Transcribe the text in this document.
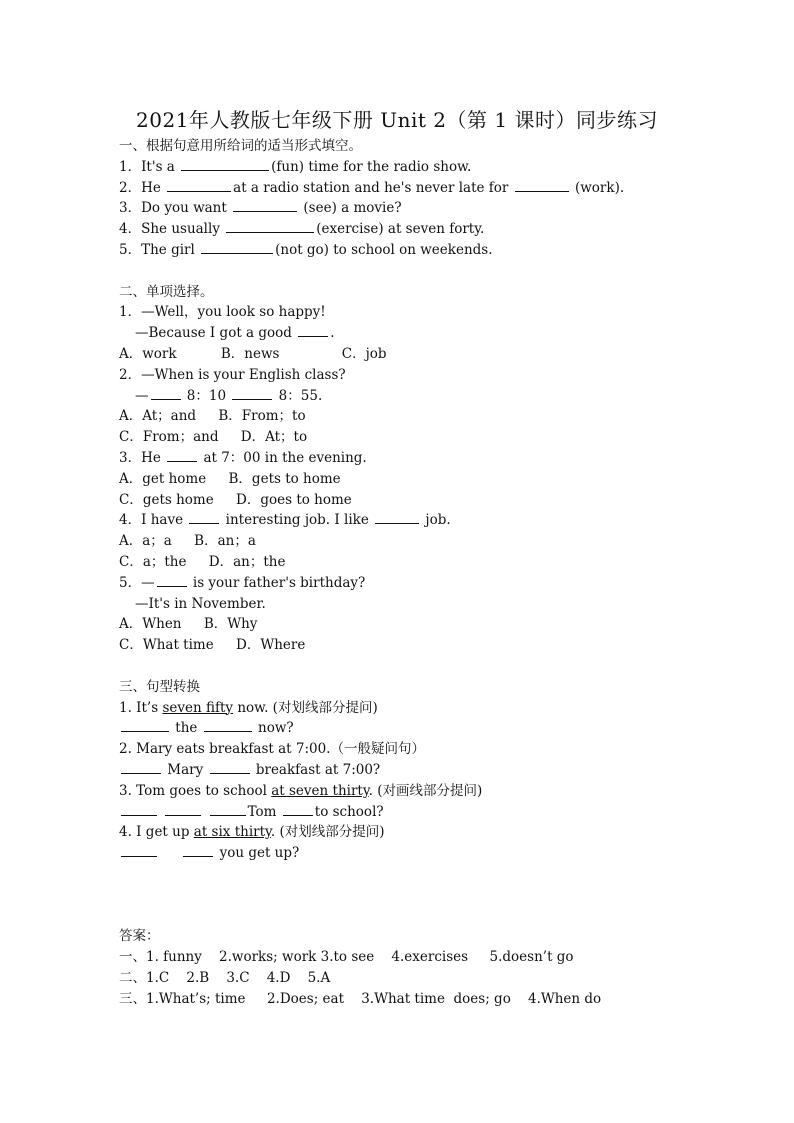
2021年人教版七年级下册 Unit 2（第 1 课时）同步练习
一、根据句意用所给词的适当形式填空。
1．It's a	(fun) time for the radio show.
2．He	at a radio station and he's never late for	(work).
3．Do you want	(see) a movie?
4．She usually	(exercise) at seven forty.
5．The girl	(not go) to school on weekends.
二、单项选择。
1．—Well，you look so happy!
—Because I got a good	.
A．work	B．news	C．job
2．—When is your English class?
—	8：10	8：55.
A．At；and B．From；to
C．From；and D．At；to
3．He	at 7：00 in the evening.
A．get home B．gets to home
C．gets home D．goes to home
4．I have	interesting job. I like	job.
A．a；a B．an；a
C．a；the D．an；the
5．—	is your father's birthday?
—It's in November.
A．When B．Why
C．What time D．Where
三、句型转换
1. It’s seven fifty now. (对划线部分提问)
the	now?
2. Mary eats breakfast at 7:00.（一般疑问句）
Mary	breakfast at 7:00?
3. Tom goes to school at seven thirty. (对画线部分提问)
Tom	to school?
4. I get up at six thirty. (对划线部分提问)
you get up?
答案：
一、1. funny    2.works; work 3.to see    4.exercises     5.doesn’t go
二、1.C    2.B    3.C    4.D    5.A
三、1.What’s; time     2.Does; eat    3.What time  does; go    4.When do
